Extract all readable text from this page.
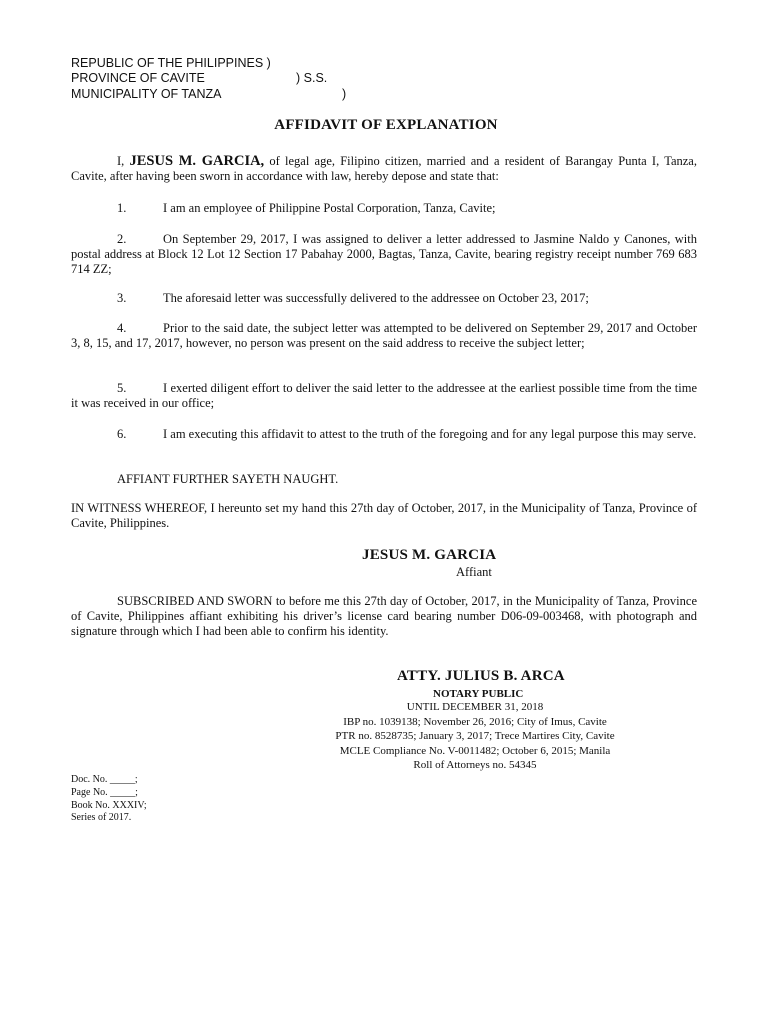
REPUBLIC OF THE PHILIPPINES )
PROVINCE OF CAVITE	) S.S.
MUNICIPALITY OF TANZA	)
AFFIDAVIT OF EXPLANATION
I, JESUS M. GARCIA, of legal age, Filipino citizen, married and a resident of Barangay Punta I, Tanza, Cavite, after having been sworn in accordance with law, hereby depose and state that:
1.	I am an employee of Philippine Postal Corporation, Tanza, Cavite;
2.	On September 29, 2017, I was assigned to deliver a letter addressed to Jasmine Naldo y Canones, with postal address at Block 12 Lot 12 Section 17 Pabahay 2000, Bagtas, Tanza, Cavite, bearing registry receipt number 769 683 714 ZZ;
3.	The aforesaid letter was successfully delivered to the addressee on October 23, 2017;
4.	Prior to the said date, the subject letter was attempted to be delivered on September 29, 2017 and October 3, 8, 15, and 17, 2017, however, no person was present on the said address to receive the subject letter;
5.	I exerted diligent effort to deliver the said letter to the addressee at the earliest possible time from the time it was received in our office;
6.	I am executing this affidavit to attest to the truth of the foregoing and for any legal purpose this may serve.
AFFIANT FURTHER SAYETH NAUGHT.
IN WITNESS WHEREOF, I hereunto set my hand this 27th day of October, 2017, in the Municipality of Tanza, Province of Cavite, Philippines.
JESUS M. GARCIA
Affiant
SUBSCRIBED AND SWORN to before me this 27th day of October, 2017, in the Municipality of Tanza, Province of Cavite, Philippines affiant exhibiting his driver’s license card bearing number D06-09-003468, with photograph and signature through which I had been able to confirm his identity.
ATTY. JULIUS B. ARCA
NOTARY PUBLIC
UNTIL DECEMBER 31, 2018
IBP no. 1039138; November 26, 2016; City of Imus, Cavite
PTR no. 8528735; January 3, 2017; Trece Martires City, Cavite
MCLE Compliance No. V-0011482; October 6, 2015; Manila
Roll of Attorneys no. 54345
Doc. No. _____;
Page No. _____;
Book No. XXXIV;
Series of 2017.
